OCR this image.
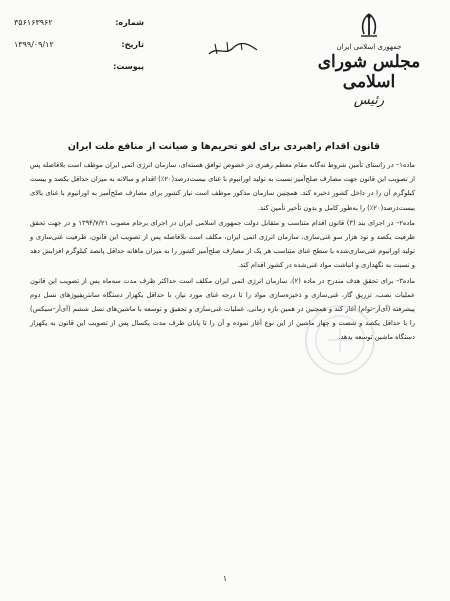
شماره:
۳۵۶۱۶۳۹۶۲
تاریخ:
۱۳۹۹/۰۹/۱۲
پیوست:
جمهوری اسلامی ایران
مجلس شورای اسلامی
رئیس
قانون اقدام راهبردی برای لغو تحریم‌ها و صیانت از منافع ملت ایران

ماده۱– در راستای تأمین شروط نه‌گانه مقام معظم رهبری در خصوص توافق هسته‌ای، سازمان انرژی اتمی ایران موظف است بلافاصله پس از تصویب این قانون جهت مصارف صلح‌آمیز نسبت به تولید اورانیوم با غنای بیست‌درصد(۲۰٪) اقدام و سالانه به میزان حداقل یکصد و بیست کیلوگرم آن را در داخل کشور ذخیره کند. همچنین سازمان مذکور موظف است نیاز کشور برای مصارف صلح‌آمیز به اورانیوم با غنای بالای بیست‌درصد(۲۰٪) را به‌طور کامل و بدون تأخیر تأمین کند.

ماده۲– در اجرای بند (۳) قانون اقدام متناسب و متقابل دولت جمهوری اسلامی ایران در اجرای برجام مصوب ۱۳۹۴/۷/۲۱ و در جهت تحقق ظرفیت یکصد و نود هزار سو غنی‌سازی، سازمان انرژی اتمی ایران، مکلف است بلافاصله پس از تصویب این قانون، ظرفیت غنی‌سازی و تولید اورانیوم غنی‌سازی‌شده یا سطح غنای متناسب هر یک از مصارف صلح‌آمیز کشور را به میزان ماهانه حداقل پانصد کیلوگرم افزایش دهد و نسبت به نگهداری و انباشت مواد غنی‌شده در کشور اقدام کند.

ماده۳– برای تحقق هدف مندرج در ماده (۲)، سازمان انرژی اتمی ایران مکلف است حداکثر ظرف مدت سه‌ماه پس از تصویب این قانون عملیات نصب، تزریق گاز، غنی‌سازی و ذخیره‌سازی مواد را تا درجه غنای مورد نیاز، با حداقل یکهزار دستگاه سانتریفیوژ‌های نسل دوم پیشرفته (آی‌آر–تو‌ام) آغاز کند و همچنین در همین بازه زمانی، عملیات غنی‌سازی و تحقیق و توسعه با ماشین‌های نسل ششم (آی‌آر–سیکس) را با حداقل یکصد و شصت و چهار ماشین از این نوع آغاز نموده و آن را تا پایان ظرف مدت یکسال پس از تصویب این قانون به یکهزار دستگاه ماشین توسعه بدهد.

۱
